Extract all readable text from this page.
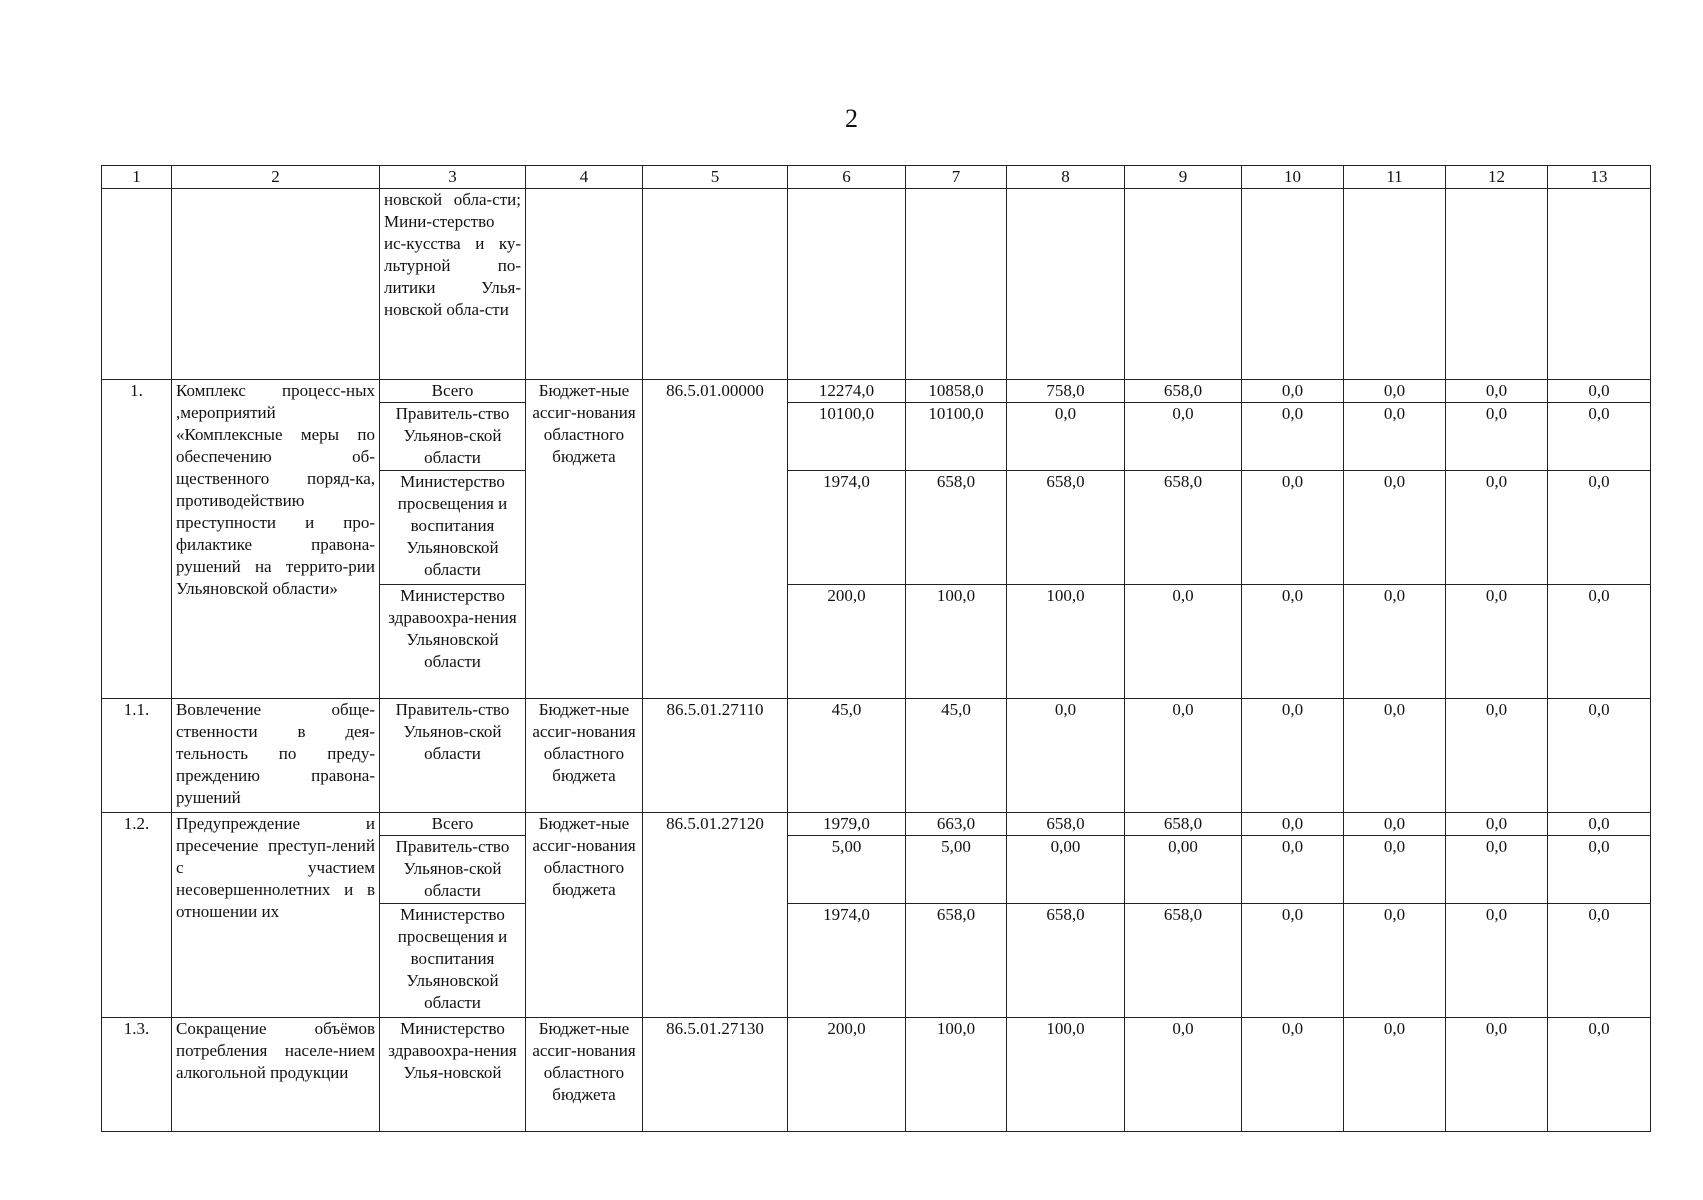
2
1	2	3	4	5	6	7	8	9	10	11	12	13
		новской обла-сти; Мини-стерство ис-кусства и ку-льтурной по-литики Улья-новской обла-сти										
1.	Комплекс процесс-ных ,мероприятий «Комплексные меры по обеспечению об-щественного поряд-ка, противодействию преступности и про-филактике правона-рушений на террито-рии Ульяновской области»	Всего	Бюджет-ные ассиг-нования областного бюджета	86.5.01.00000	12274,0	10858,0	758,0	658,0	0,0	0,0	0,0	0,0
		Правитель-ство Ульянов-ской области			10100,0	10100,0	0,0	0,0	0,0	0,0	0,0	0,0
		Министерство просвещения и воспитания Ульяновской области			1974,0	658,0	658,0	658,0	0,0	0,0	0,0	0,0
		Министерство здравоохра-нения Ульяновской области			200,0	100,0	100,0	0,0	0,0	0,0	0,0	0,0
1.1.	Вовлечение обще-ственности в дея-тельность по преду-преждению правона-рушений	Правитель-ство Ульянов-ской области	Бюджет-ные ассиг-нования областного бюджета	86.5.01.27110	45,0	45,0	0,0	0,0	0,0	0,0	0,0	0,0
1.2.	Предупреждение и пресечение преступ-лений с участием несовершеннолетних и в отношении их	Всего	Бюджет-ные ассиг-нования областного бюджета	86.5.01.27120	1979,0	663,0	658,0	658,0	0,0	0,0	0,0	0,0
		Правитель-ство Ульянов-ской области			5,00	5,00	0,00	0,00	0,0	0,0	0,0	0,0
		Министерство просвещения и воспитания Ульяновской области			1974,0	658,0	658,0	658,0	0,0	0,0	0,0	0,0
1.3.	Сокращение объёмов потребления населе-нием алкогольной продукции	Министерство здравоохра-нения Улья-новской	Бюджет-ные ассиг-нования областного бюджета	86.5.01.27130	200,0	100,0	100,0	0,0	0,0	0,0	0,0	0,0
